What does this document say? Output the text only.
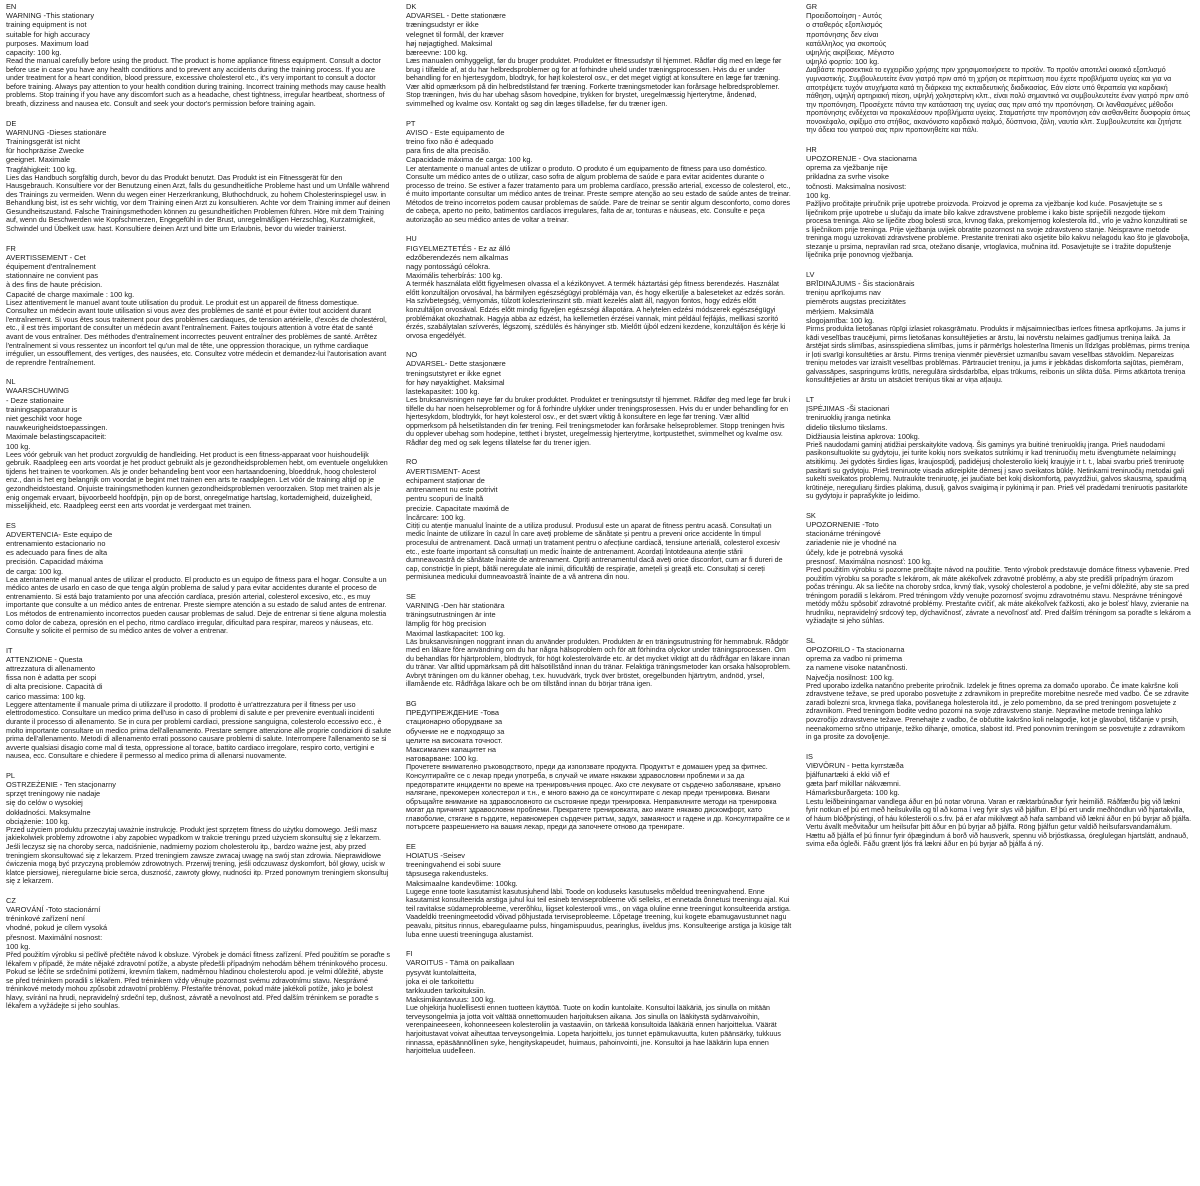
EN

WARNING -This stationary
training equipment is not
suitable for high accuracy
purposes. Maximum load
capacity: 100 kg.

Read the manual carefully before using the product. The product is home appliance fitness equipment. Consult a doctor before use in case you have any health conditions and to prevent any accidents during the training process. If you are under treatment for a heart condition, blood pressure, excessive cholesterol etc., it's very important to consult a doctor before training. Always pay attention to your health condition during training. Incorrect training methods may cause health problems. Stop training if you have any discomfort such as a headache, chest tightness, irregular heartbeat, shortness of breath, dizziness and nausea etc. Consult and seek your doctor's permission before training again.

DE

WARNUNG -Dieses stationäre
Trainingsgerät ist nicht
für hochpräzise Zwecke
geeignet. Maximale
Tragfähigkeit: 100 kg.

Lies das Handbuch sorgfältig durch, bevor du das Produkt benutzt. Das Produkt ist ein Fitnessgerät für den Hausgebrauch. Konsultiere vor der Benutzung einen Arzt, falls du gesundheitliche Probleme hast und um Unfälle während des Trainings zu vermeiden. Wenn du wegen einer Herzerkrankung, Bluthochdruck, zu hohem Cholesterinspiegel usw. in Behandlung bist, ist es sehr wichtig, vor dem Training einen Arzt zu konsultieren. Achte vor dem Training immer auf deinen Gesundheitszustand. Falsche Trainingsmethoden können zu gesundheitlichen Problemen führen. Höre mit dem Training auf, wenn du Beschwerden wie Kopfschmerzen, Engegefühl in der Brust, unregelmäßigen Herzschlag, Kurzatmigkeit, Schwindel und Übelkeit usw. hast. Konsultiere deinen Arzt und bitte um Erlaubnis, bevor du wieder trainierst.

FR

AVERTISSEMENT - Cet
équipement d'entraînement
stationnaire ne convient pas
à des fins de haute précision.
Capacité de charge maximale : 100 kg.

Lisez attentivement le manuel avant toute utilisation du produit. Le produit est un appareil de fitness domestique. Consultez un médecin avant toute utilisation si vous avez des problèmes de santé et pour éviter tout accident durant l'entraînement. Si vous êtes sous traitement pour des problèmes cardiaques, de tension artérielle, d'excès de cholestérol, etc., il est très important de consulter un médecin avant l'entraînement. Faites toujours attention à votre état de santé avant de vous entraîner. Des méthodes d'entraînement incorrectes peuvent entraîner des problèmes de santé. Arrêtez l'entraînement si vous ressentez un inconfort tel qu'un mal de tête, une oppression thoracique, un rythme cardiaque irrégulier, un essoufflement, des vertiges, des nausées, etc. Consultez votre médecin et demandez-lui l'autorisation avant de reprendre l'entraînement.

NL

WAARSCHUWING
- Deze stationaire
trainingsapparatuur is
niet geschikt voor hoge
nauwkeurigheidstoepassingen.
Maximale belastingscapaciteit:
100 kg.

Lees vóór gebruik van het product zorgvuldig de handleiding. Het product is een fitness-apparaat voor huishoudelijk gebruik. Raadpleeg een arts voordat je het product gebruikt als je gezondheidsproblemen hebt, om eventuele ongelukken tijdens het trainen te voorkomen. Als je onder behandeling bent voor een hartaandoening, bloeddruk, hoog cholesterol enz., dan is het erg belangrijk om voordat je begint met trainen een arts te raadplegen. Let vóór de training altijd op je gezondheidstoestand. Onjuiste trainingsmethoden kunnen gezondheidsproblemen veroorzaken. Stop met trainen als je enig ongemak ervaart, bijvoorbeeld hoofdpijn, pijn op de borst, onregelmatige hartslag, kortademigheid, duizeligheid, misselijkheid, etc. Raadpleeg eerst een arts voordat je verdergaat met trainen.

ES

ADVERTENCIA- Este equipo de
entrenamiento estacionario no
es adecuado para fines de alta
precisión. Capacidad máxima
de carga: 100 kg.

Lea atentamente el manual antes de utilizar el producto. El producto es un equipo de fitness para el hogar. Consulte a un médico antes de usarlo en caso de que tenga algún problema de salud y para evitar accidentes durante el proceso de entrenamiento. Si está bajo tratamiento por una afección cardíaca, presión arterial, colesterol excesivo, etc., es muy importante que consulte a un médico antes de entrenar. Preste siempre atención a su estado de salud antes de entrenar. Los métodos de entrenamiento incorrectos pueden causar problemas de salud. Deje de entrenar si tiene alguna molestia como dolor de cabeza, opresión en el pecho, ritmo cardíaco irregular, dificultad para respirar, mareos y náuseas, etc. Consulte y solicite el permiso de su médico antes de volver a entrenar.

IT

ATTENZIONE - Questa
attrezzatura di allenamento
fissa non è adatta per scopi
di alta precisione. Capacità di
carico massima: 100 kg.

Leggere attentamente il manuale prima di utilizzare il prodotto. Il prodotto è un'attrezzatura per il fitness per uso elettrodomestico. Consultare un medico prima dell'uso in caso di problemi di salute e per prevenire eventuali incidenti durante il processo di allenamento. Se in cura per problemi cardiaci, pressione sanguigna, colesterolo eccessivo ecc., è molto importante consultare un medico prima dell'allenamento. Prestare sempre attenzione alle proprie condizioni di salute prima dell'allenamento. Metodi di allenamento errati possono causare problemi di salute. Interrompere l'allenamento se si avverte qualsiasi disagio come mal di testa, oppressione al torace, battito cardiaco irregolare, respiro corto, vertigini e nausea, ecc. Consultare e chiedere il permesso al medico prima di allenarsi nuovamente.

PL

OSTRZEŻENIE - Ten stacjonarny
sprzęt treningowy nie nadaje
się do celów o wysokiej
dokładności. Maksymalne
obciążenie: 100 kg.

Przed użyciem produktu przeczytaj uważnie instrukcję. Produkt jest sprzętem fitness do użytku domowego. Jeśli masz jakiekolwiek problemy zdrowotne i aby zapobiec wypadkom w trakcie treningu przed użyciem skonsultuj się z lekarzem. Jeśli leczysz się na choroby serca, nadciśnienie, nadmierny poziom cholesterolu itp., bardzo ważne jest, aby przed treningiem skonsultować się z lekarzem. Przed treningiem zawsze zwracaj uwagę na swój stan zdrowia. Nieprawidłowe ćwiczenia mogą być przyczyną problemów zdrowotnych. Przerwij trening, jeśli odczuwasz dyskomfort, ból głowy, ucisk w klatce piersiowej, nieregularne bicie serca, duszność, zawroty głowy, nudności itp. Przed ponownym treningiem skonsultuj się z lekarzem.

CZ

VAROVÁNÍ -Toto stacionární
tréninkové zařízení není
vhodné, pokud je cílem vysoká
přesnost. Maximální nosnost:
100 kg.

Před použitím výrobku si pečlivě přečtěte návod k obsluze. Výrobek je domácí fitness zařízení. Před použitím se poraďte s lékařem v případě, že máte nějaké zdravotní potíže, a abyste předešli případným nehodám během tréninkového procesu. Pokud se léčíte se srdečními potížemi, krevním tlakem, nadměrnou hladinou cholesterolu apod. je velmi důležité, abyste se před tréninkem poradili s lékařem. Před tréninkem vždy věnujte pozornost svému zdravotnímu stavu. Nesprávné tréninkové metody mohou způsobit zdravotní problémy. Přestaňte trénovat, pokud máte jakékoli potíže, jako je bolest hlavy, svírání na hrudi, nepravidelný srdeční tep, dušnost, závratě a nevolnost atd. Před dalším tréninkem se poraďte s lékařem a vyžádejte si jeho souhlas.

DK

ADVARSEL - Dette stationære
træningsudstyr er ikke
velegnet til formål, der kræver
høj nøjagtighed. Maksimal
bæreevne: 100 kg.

Læs manualen omhyggeligt, før du bruger produktet. Produktet er fitnessudstyr til hjemmet. Rådfør dig med en læge før brug i tilfælde af, at du har helbredsproblemer og for at forhindre uheld under træningsprocessen. Hvis du er under behandling for en hjertesygdom, blodtryk, for højt kolesterol osv., er det meget vigtigt at konsultere en læge før træning. Vær altid opmærksom på din helbredstilstand før træning. Forkerte træningsmetoder kan forårsage helbredsproblemer. Stop træningen, hvis du har ubehag såsom hovedpine, trykken for brystet, uregelmæssig hjerterytme, åndenød, svimmelhed og kvalme osv. Kontakt og søg din læges tilladelse, før du træner igen.

PT

AVISO - Este equipamento de
treino fixo não é adequado
para fins de alta precisão.
Capacidade máxima de carga: 100 kg.

Ler atentamente o manual antes de utilizar o produto. O produto é um equipamento de fitness para uso doméstico. Consulte um médico antes de o utilizar, caso sofra de algum problema de saúde e para evitar acidentes durante o processo de treino. Se estiver a fazer tratamento para um problema cardíaco, pressão arterial, excesso de colesterol, etc., é muito importante consultar um médico antes de treinar. Preste sempre atenção ao seu estado de saúde antes de treinar. Métodos de treino incorretos podem causar problemas de saúde. Pare de treinar se sentir algum desconforto, como dores de cabeça, aperto no peito, batimentos cardíacos irregulares, falta de ar, tonturas e náuseas, etc. Consulte e peça autorização ao seu médico antes de voltar a treinar.

HU

FIGYELMEZTETÉS - Ez az álló
edzőberendezés nem alkalmas
nagy pontosságú célokra.
Maximális teherbírás: 100 kg.

A termék használata előtt figyelmesen olvassa el a kézikönyvet. A termék háztartási gép fitness berendezés. Használat előtt konzultáljon orvosával, ha bármilyen egészségügyi problémája van, és hogy elkerülje a baleseteket az edzés során. Ha szívbetegség, vérnyomás, túlzott koleszterinszint stb. miatt kezelés alatt áll, nagyon fontos, hogy edzés előtt konzultáljon orvosával. Edzés előtt mindig figyeljen egészségi állapotára. A helytelen edzési módszerek egészségügyi problémákat okozhatnak. Hagyja abba az edzést, ha kellemetlen érzései vannak, mint például fejfájás, mellkasi szorító érzés, szabálytalan szívverés, légszomj, szédülés és hányinger stb. Mielőtt újból edzeni kezdene, konzultáljon és kérje ki orvosa engedélyét.

NO

ADVARSEL- Dette stasjonære
treningsutstyret er ikke egnet
for høy nøyaktighet. Maksimal
lastekapasitet: 100 kg.

Les bruksanvisningen nøye før du bruker produktet. Produktet er treningsutstyr til hjemmet. Rådfør deg med lege før bruk i tilfelle du har noen helseproblemer og for å forhindre ulykker under treningsprosessen. Hvis du er under behandling for en hjertesykdom, blodtrykk, for høyt kolesterol osv., er det svært viktig å konsultere en lege før trening. Vær alltid oppmerksom på helsetilstanden din før trening. Feil treningsmetoder kan forårsake helseproblemer. Stopp treningen hvis du opplever ubehag som hodepine, tetthet i brystet, uregelmessig hjerterytme, kortpustethet, svimmelhet og kvalme osv. Rådfør deg med og søk legens tillatelse før du trener igjen.

RO

AVERTISMENT- Acest
echipament staționar de
antrenament nu este potrivit
pentru scopuri de înaltă
precizie. Capacitate maximă de
încărcare: 100 kg.

Citiți cu atenție manualul înainte de a utiliza produsul. Produsul este un aparat de fitness pentru acasă. Consultați un medic înainte de utilizare în cazul în care aveți probleme de sănătate și pentru a preveni orice accidente în timpul procesului de antrenament. Dacă urmați un tratament pentru o afecțiune cardiacă, tensiune arterială, colesterol excesiv etc., este foarte important să consultați un medic înainte de antrenament. Acordați întotdeauna atenție stării dumneavoastră de sănătate înainte de antrenament. Opriți antrenamentul dacă aveți orice disconfort, cum ar fi dureri de cap, constricție în piept, bătăi neregulate ale inimii, dificultăți de respirație, amețeli și greață etc. Consultați si cereți permisiunea medicului dumneavoastră înainte de a vă antrena din nou.

SE

VARNING -Den här stationära
träningsutrustningen är inte
lämplig för hög precision
Maximal lastkapacitet: 100 kg.

Läs bruksanvisningen noggrant innan du använder produkten. Produkten är en träningsutrustning för hemmabruk. Rådgör med en läkare före användning om du har några hälsoproblem och för att förhindra olyckor under träningsprocessen. Om du behandlas för hjärtproblem, blodtryck, för högt kolesterolvärde etc. är det mycket viktigt att du rådfrågar en läkare innan du tränar. Var alltid uppmärksam på ditt hälsotillstånd innan du tränar. Felaktiga träningsmetoder kan orsaka hälsoproblem. Avbryt träningen om du känner obehag, t.ex. huvudvärk, tryck över bröstet, oregelbunden hjärtrytm, andnöd, yrsel, illamående etc. Rådfråga läkare och be om tillstånd innan du börjar träna igen.

BG

ПРЕДУПРЕЖДЕНИЕ -Това
стационарно оборудване за
обучение не е подходящо за
целите на високата точност.
Максимален капацитет на
натоварване: 100 kg.

Прочетете внимателно ръководството, преди да използвате продукта. Продуктът е домашен уред за фитнес. Консултирайте се с лекар преди употреба, в случай че имате някакви здравословни проблеми и за да предотвратите инциденти по време на тренировъчния процес. Ако сте лекувате от сърдечно заболяване, кръвно налягане, прекомерен холестерол и т.н., е много важно да се консултирате с лекар преди тренировка. Винаги обръщайте внимание на здравословното си състояние преди тренировка. Неправилните методи на тренировка могат да причинят здравословни проблеми. Прекратете тренировката, ако имате някакво дискомфорт, като главоболие, стягане в гърдите, неравномерен сърдечен ритъм, задух, замаяност и гадене и др. Консултирайте се и потърсете разрешението на вашия лекар, преди да започнете отново да тренирате.

EE

HOIATUS -Seisev
treeningvahend ei sobi suure
täpsusega rakendusteks.
Maksimaalne kandevõime: 100kg.

Lugege enne toote kasutamist kasutusjuhend läbi. Toode on koduseks kasutuseks mõeldud treeningvahend. Enne kasutamist konsulteerida arstiga juhul kui teil esineb terviseprobleeme või selleks, et ennetada õnnetusi treeningu ajal. Kui teil ravitakse südameprobleeme, vererõhku, liigset kolesterooli vms., on väga oluline enne treeningut konsulteerida arstiga. Vaadeldki treeningmeetodid võivad põhjustada terviseprobleeme. Lõpetage treening, kui kogete ebamugavustunnet nagu peavalu, pitsitus rinnus, ebaregulaarne pulss, hingamispuudus, pearinglus, iiveldus jms. Konsulteerige arstiga ja küsige tält luba enne uuesti treeninguga alustamist.

FI

VAROITUS - Tämä on paikallaan
pysyvät kuntolaitteita,
joka ei ole tarkoitettu
tarkkuuden tarkoituksiin.
Maksimikantavuus: 100 kg.

Lue ohjekirja huolellisesti ennen tuotteen käyttöä. Tuote on kodin kuntolaite. Konsultoi lääkäriä, jos sinulla on mitään terveysongelmia ja jotta voit välttää onnettomuuden harjoituksen aikana. Jos sinulla on lääkitystä sydänvaivoihin, verenpaineeseen, kohonneeseen kolesteroliin ja vastaaviin, on tärkeää konsultoida lääkäriä ennen harjoittelua. Väärät harjoitustavat voivat aiheuttaa terveysongelmia. Lopeta harjoittelu, jos tunnet epämukavuutta, kuten päänsärky, tukkuus rinnassa, epäsäännöllinen syke, hengityskapeudet, huimaus, pahoinvointi, jne. Konsultoi ja hae lääkärin lupa ennen harjoittelua uudelleen.

GR

Προειδοποίηση - Αυτός
ο σταθερός εξοπλισμός
προπόνησης δεν είναι
κατάλληλος για σκοπούς
υψηλής ακρίβειας. Μέγιστο
υψηλό φορτίο: 100 kg.

Διαβάστε προσεκτικά το εγχειρίδιο χρήσης πριν χρησιμοποιήσετε το προϊόν. Το προϊόν αποτελεί οικιακό εξοπλισμό γυμναστικής. Συμβουλευτείτε έναν γιατρό πριν από τη χρήση σε περίπτωση που έχετε προβλήματα υγείας και για να αποτρέψετε τυχόν ατυχήματα κατά τη διάρκεια της εκπαιδευτικής διαδικασίας. Εάν είστε υπό θεραπεία για καρδιακή πάθηση, υψηλή αρτηριακή πίεση, υψηλή χοληστερίνη κλπ., είναι πολύ σημαντικό να συμβουλευτείτε έναν γιατρό πριν από την προπόνηση. Προσέχετε πάντα την κατάσταση της υγείας σας πριν από την προπόνηση. Οι λανθασμένες μέθοδοι προπόνησης ενδέχεται να προκαλέσουν προβλήματα υγείας. Σταματήστε την προπόνηση εάν αισθανθείτε δυσφορία όπως πονοκέφαλο, σφίξιμο στο στήθος, ακανόνιστο καρδιακό παλμό, δύσπνοια, ζάλη, ναυτία κλπ. Συμβουλευτείτε και ζητήστε την άδεια του γιατρού σας πριν προπονηθείτε και πάλι.

HR

UPOZORENJE - Ova stacionarna
oprema za vježbanje nije
prikladna za svrhe visoke
točnosti. Maksimalna nosivost:
100 kg.

Pažljivo pročitajte priručnik prije upotrebe proizvoda. Proizvod je oprema za vježbanje kod kuće. Posavjetujte se s liječnikom prije upotrebe u slučaju da imate bilo kakve zdravstvene probleme i kako biste spriječili nezgode tijekom procesa treninga. Ako se liječite zbog bolesti srca, krvnog tlaka, prekomjernog kolesterola itd., vrlo je važno konzultirati se s liječnikom prije treninga. Prije vježbanja uvijek obratite pozornost na svoje zdravstveno stanje. Neispravne metode treninga mogu uzrokovati zdravstvene probleme. Prestanite trenirati ako osjetite bilo kakvu nelagodu kao što je glavobolja, stezanje u prsima, nepravilan rad srca, otežano disanje, vrtoglavica, mučnina itd. Posavjetujte se i tražite dopuštenje liječnika prije ponovnog vježbanja.

LV

BRĪDINĀJUMS - Šis stacionārais
treniņu aprīkojums nav
piemērots augstas precizitātes
mērķiem. Maksimālā
slogojamība: 100 kg.

Pirms produkta lietošanas rūpīgi izlasiet rokasgrāmatu. Produkts ir mājsaimniecības ierīces fitnesa aprīkojums. Ja jums ir kādi veselības traucējumi, pirms lietošanas konsultējieties ar ārstu, lai novērstu nelaimes gadījumus treniņa laikā. Ja ārstējat sirds slimības, asinsspiediena slimības, jums ir pārmērīgs holesterīna līmenis un līdzīgas problēmas, pirms treniņa ir ļoti svarīgi konsultēties ar ārstu. Pirms treniņa vienmēr pievērsiet uzmanību savam veselības stāvoklim. Nepareizas treniņu metodes var izraisīt veselības problēmas. Pārtrauciet treniņu, ja jums ir jebkādas diskomforta sajūtas, piemēram, galvassāpes, saspringums krūtīs, neregulāra sirdsdarbība, elpas trūkums, reibonis un slikta dūša. Pirms atkārtota treniņa konsultējieties ar ārstu un atsāciet treniņus tikai ar viņa atļauju.

LT

ĮSPĖJIMAS -Ši stacionari
treniruoklių įranga netinka
didelio tikslumo tikslams.
Didžiausia leistina apkrova: 100kg.

Prieš naudodami gaminį atidžiai perskaitykite vadovą. Šis gaminys yra buitinė treniruoklių įranga. Prieš naudodami pasikonsultuokite su gydytoju, jei turite kokių nors sveikatos sutrikimų ir kad treniruočių metu išvengtumėte nelaimingų atsitikimų. Jei gydotės širdies ligas, kraujospūdį, padidėjusį cholesterolio kiekį kraujyje ir t. t., labai svarbu prieš treniruotę pasitarti su gydytoju. Prieš treniruotę visada atkreipkite dėmesį į savo sveikatos būklę. Netinkami treniruočių metodai gali sukelti sveikatos problemų. Nutraukite treniruotę, jei jaučiate bet kokį diskomfortą, pavyzdžiui, galvos skausmą, spaudimą krūtinėje, nereguliarų širdies plakimą, dusulį, galvos svaigimą ir pykinimą ir pan. Prieš vėl pradėdami treniruotis pasitarkite su gydytoju ir paprašykite jo leidimo.

SK

UPOZORNENIE -Toto
stacionárne tréningové
zariadenie nie je vhodné na
účely, kde je potrebná vysoká
presnosť. Maximálna nosnosť: 100 kg.

Pred použitím výrobku si pozorne prečítajte návod na použitie. Tento výrobok predstavuje domáce fitness vybavenie. Pred použitím výrobku sa poraďte s lekárom, ak máte akékoľvek zdravotné problémy, a aby ste predišli prípadným úrazom počas tréningu. Ak sa liečite na choroby srdca, krvný tlak, vysoký cholesterol a podobne, je veľmi dôležité, aby ste sa pred tréningom poradili s lekárom. Pred tréningom vždy venujte pozornosť svojmu zdravotnému stavu. Nesprávne tréningové metódy môžu spôsobiť zdravotné problémy. Prestaňte cvičiť, ak máte akékoľvek ťažkosti, ako je bolesť hlavy, zvieranie na hrudníku, nepravidelný srdcový tep, dýchavičnosť, závrate a nevoľnosť atď. Pred ďalším tréningom sa poraďte s lekárom a vyžiadajte si jeho súhlas.

SL

OPOZORILO - Ta stacionarna
oprema za vadbo ni primerna
za namene visoke natančnosti.
Največja nosilnost: 100 kg.

Pred uporabo izdelka natančno preberite priročnik. Izdelek je fitnes oprema za domačo uporabo. Če imate kakršne koli zdravstvene težave, se pred uporabo posvetujte z zdravnikom in preprečite morebitne nesreče med vadbo. Če se zdravite zaradi bolezni srca, krvnega tlaka, povišanega holesterola itd., je zelo pomembno, da se pred treningom posvetujete z zdravnikom. Pred treningom bodite vedno pozorni na svoje zdravstveno stanje. Nepravilne metode treninga lahko povzročijo zdravstvene težave. Prenehajte z vadbo, če občutite kakršno koli nelagodje, kot je glavobol, tiščanje v prsih, neenakomerno srčno utripanje, težko dihanje, omotica, slabost itd. Pred ponovnim treningom se posvetujte z zdravnikom in ga prosite za dovoljenje.

IS

VIÐVÖRUN - Þetta kyrrstæða
þjálfunartæki á ekki við ef
gæta þarf mikillar nákvæmni.
Hámarksburðargeta: 100 kg.

Lestu leiðbeiningarnar vandlega áður en þú notar vöruna. Varan er ræktarbúnaður fyrir heimilið. Ráðfærðu þig við lækni fyrir notkun ef þú ert með heilsukvilla og til að koma í veg fyrir slys við þjálfun. Ef þú ert undir meðhöndlun við hjartakvilla, of háum blóðþrýstingi, of háu kólesteróli o.s.frv. þá er afar mikilvægt að hafa samband við lækni áður en þú byrjar að þjálfa. Vertu ávallt meðvitaður um heilsufar þitt áður en þú byrjar að þjálfa. Röng þjálfun getur valdið heilsufarsvandamálum. Hættu að þjálfa ef þú finnur fyrir óþægindum á borð við hausverk, spennu við brjóstkassa, óreglulegan hjartslátt, andnauð, svima eða ógleði. Fáðu grænt ljós frá lækni áður en þú byrjar að þjálfa á ný.
